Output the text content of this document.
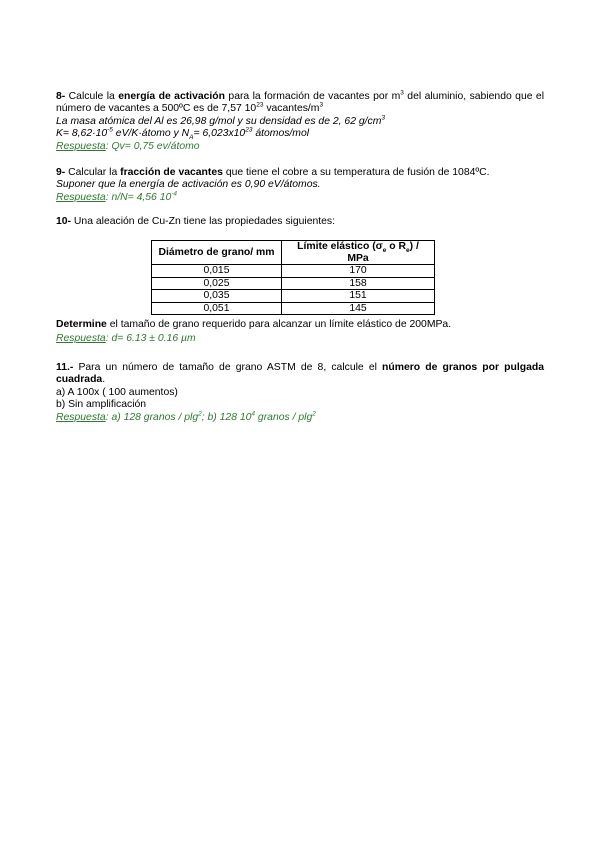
8- Calcule la energía de activación para la formación de vacantes por $m^3$ del aluminio, sabiendo que el número de vacantes a 500ºC es de 7,57 $10^{23}$ vacantes/$m^3$

La masa atómica del Al es 26,98 g/mol y su densidad es de 2, 62 $g/cm^3$

$K= 8,62\cdot 10^{-5}$ eV/K·átomo y $N_A= 6,023x10^{23}$ átomos/mol

Respuesta: Qv= 0,75 ev/átomo

9- Calcular la fracción de vacantes que tiene el cobre a su temperatura de fusión de 1084ºC.

Suponer que la energía de activación es 0,90 eV/átomos.

Respuesta: n/N= 4,56 $10^{-4}$

10- Una aleación de Cu-Zn tiene las propiedades siguientes:

Diámetro de grano/ mm	Límite elástico ($\sigma_e$ o $R_e$) / MPa
0,015	170
0,025	158
0,035	151
0,051	145

Determine el tamaño de grano requerido para alcanzar un límite elástico de 200MPa.

Respuesta: d= 6.13 ± 0.16 µm

11.- Para un número de tamaño de grano ASTM de 8, calcule el número de granos por pulgada cuadrada.

a) A 100x ( 100 aumentos)

b) Sin amplificación

Respuesta: a) 128 granos / plg$^2$; b) 128 $10^4$ granos / plg$^2$
